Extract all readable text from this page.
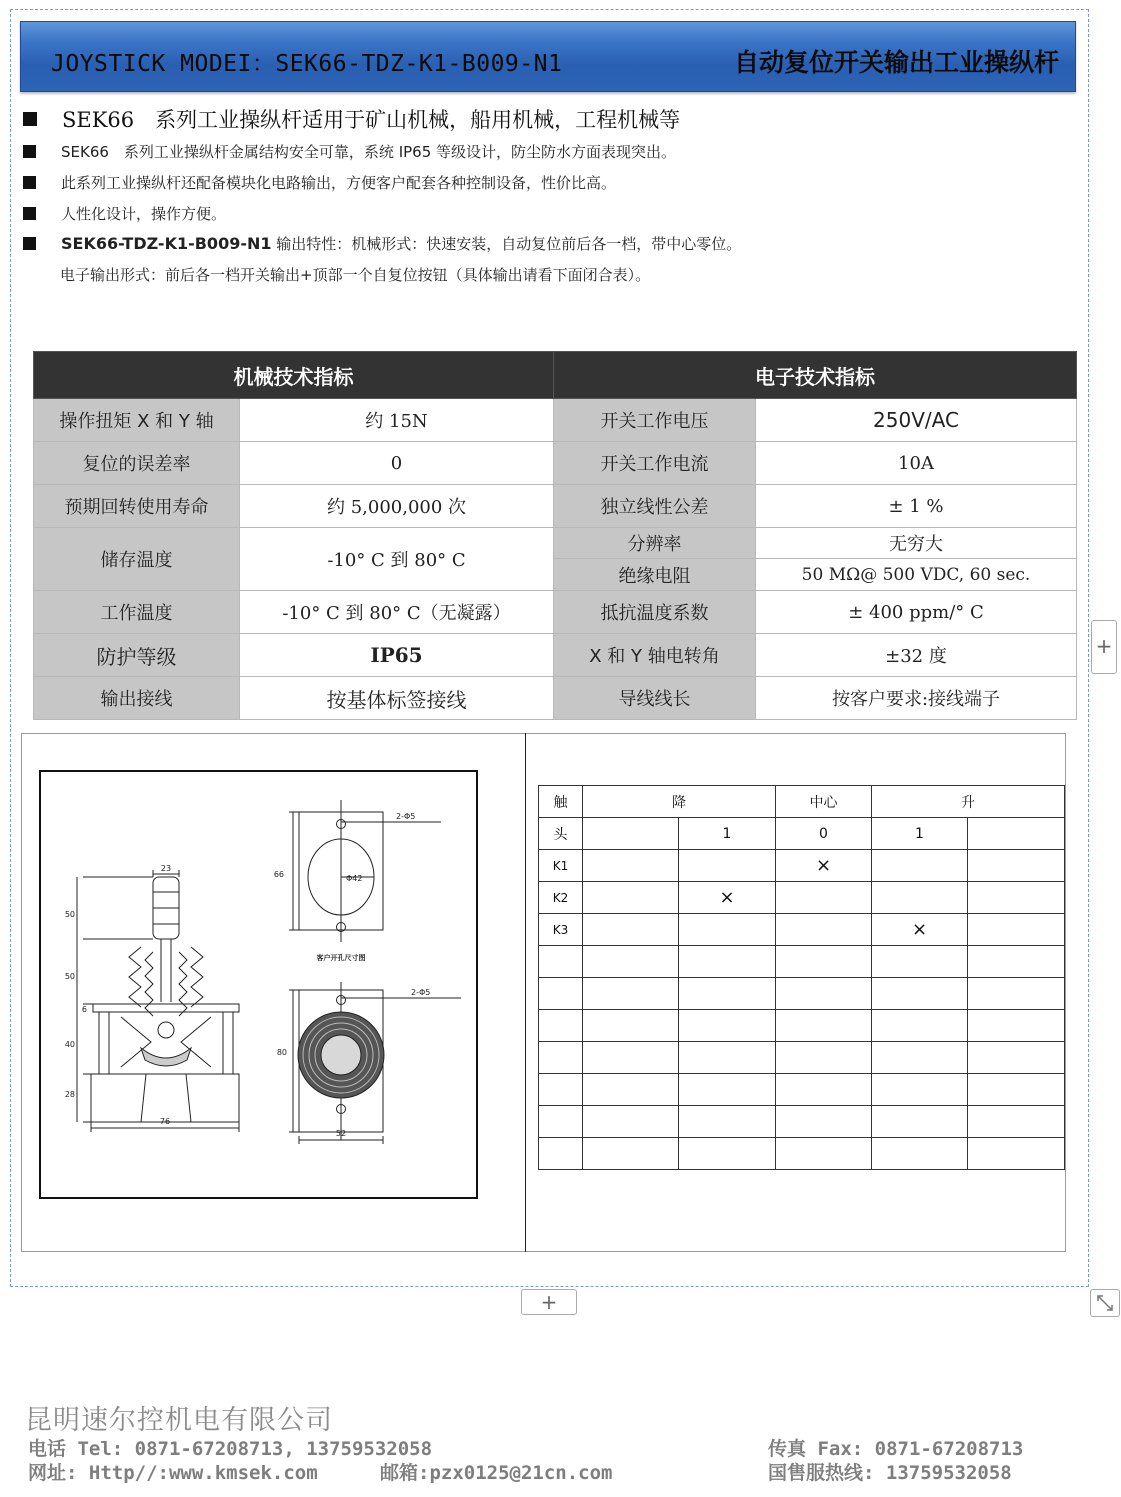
JOYSTICK MODEI：SEK66-TDZ-K1-B009-N1	自动复位开关输出工业操纵杆
SEK66　系列工业操纵杆适用于矿山机械，船用机械，工程机械等
SEK66　系列工业操纵杆金属结构安全可靠，系统 IP65 等级设计，防尘防水方面表现突出。
此系列工业操纵杆还配备模块化电路输出，方便客户配套各种控制设备，性价比高。
人性化设计，操作方便。
SEK66-TDZ-K1-B009-N1 输出特性：机械形式：快速安装，自动复位前后各一档，带中心零位。
电子输出形式：前后各一档开关输出+顶部一个自复位按钮（具体输出请看下面闭合表）。
机械技术指标		电子技术指标	
操作扭矩 X 和 Y 轴	约 15N	开关工作电压	250V/AC
复位的误差率	0	开关工作电流	10A
预期回转使用寿命	约 5,000,000 次	独立线性公差	± 1 %
储存温度	-10° C 到 80° C	分辨率	无穷大
		绝缘电阻	50 MΩ@ 500 VDC, 60 sec.
工作温度	-10° C 到 80° C（无凝露）	抵抗温度系数	± 400 ppm/° C
防护等级	IP65	X 和 Y 轴电转角	±32 度
输出接线	按基体标签接线	导线线长	按客户要求:接线端子
2-Φ5
66	Φ42
客户开孔尺寸图
2-Φ5
80
52
23
50
50
6
40
28
76
触	降		中心	升	
头		1	0	1	
K1			×		
K2		×			
K3				×	

+
+
昆明速尔控机电有限公司
电话 Tel: 0871-67208713, 13759532058	传真 Fax: 0871-67208713
网址: Http//:www.kmsek.com	邮箱:pzx0125@21cn.com	国售服热线: 13759532058
